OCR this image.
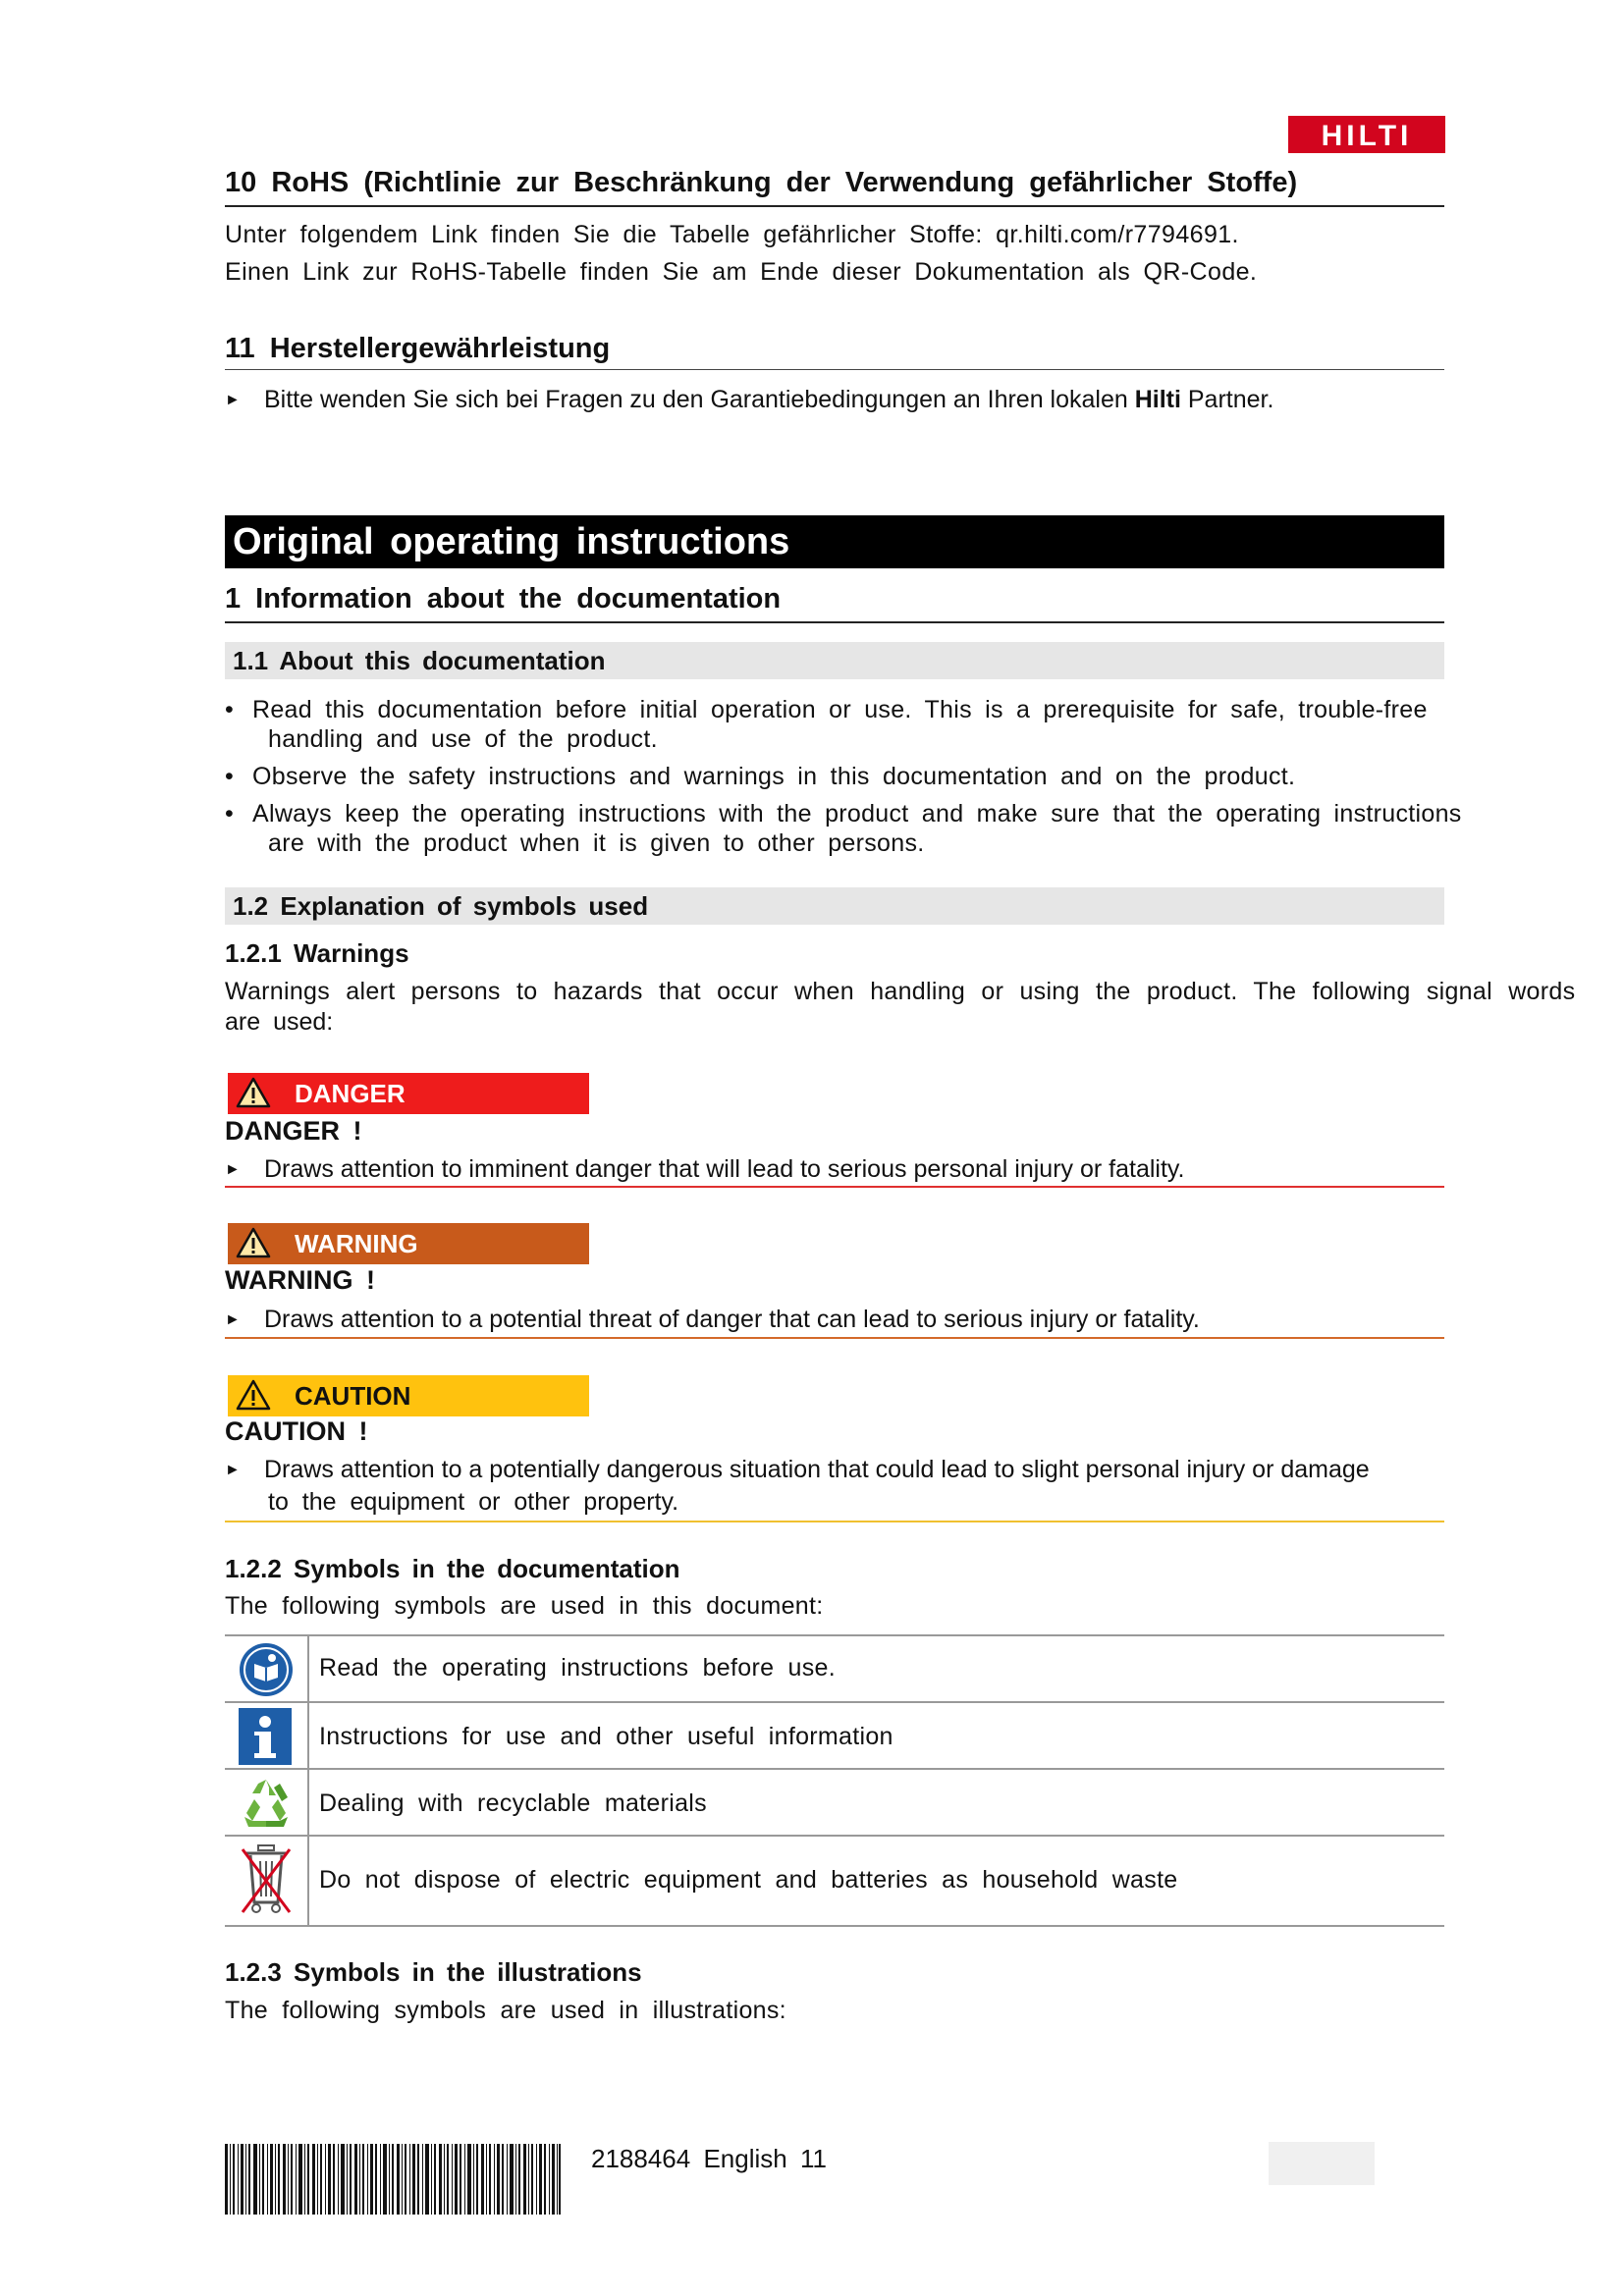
HILTI
10 RoHS (Richtlinie zur Beschränkung der Verwendung gefährlicher Stoffe)
Unter folgendem Link finden Sie die Tabelle gefährlicher Stoffe: qr.hilti.com/r7794691.
Einen Link zur RoHS-Tabelle finden Sie am Ende dieser Dokumentation als QR-Code.
11 Herstellergewährleistung
► Bitte wenden Sie sich bei Fragen zu den Garantiebedingungen an Ihren lokalen Hilti Partner.
Original operating instructions
1 Information about the documentation
1.1 About this documentation
• Read this documentation before initial operation or use. This is a prerequisite for safe, trouble-free
handling and use of the product.
• Observe the safety instructions and warnings in this documentation and on the product.
• Always keep the operating instructions with the product and make sure that the operating instructions
are with the product when it is given to other persons.
1.2 Explanation of symbols used
1.2.1 Warnings
Warnings alert persons to hazards that occur when handling or using the product. The following signal words
are used:
DANGER
DANGER !
► Draws attention to imminent danger that will lead to serious personal injury or fatality.
WARNING
WARNING !
► Draws attention to a potential threat of danger that can lead to serious injury or fatality.
CAUTION
CAUTION !
► Draws attention to a potentially dangerous situation that could lead to slight personal injury or damage
to the equipment or other property.
1.2.2 Symbols in the documentation
The following symbols are used in this document:
Read the operating instructions before use.
Instructions for use and other useful information
Dealing with recyclable materials
Do not dispose of electric equipment and batteries as household waste
1.2.3 Symbols in the illustrations
The following symbols are used in illustrations:
2188464 English 11
